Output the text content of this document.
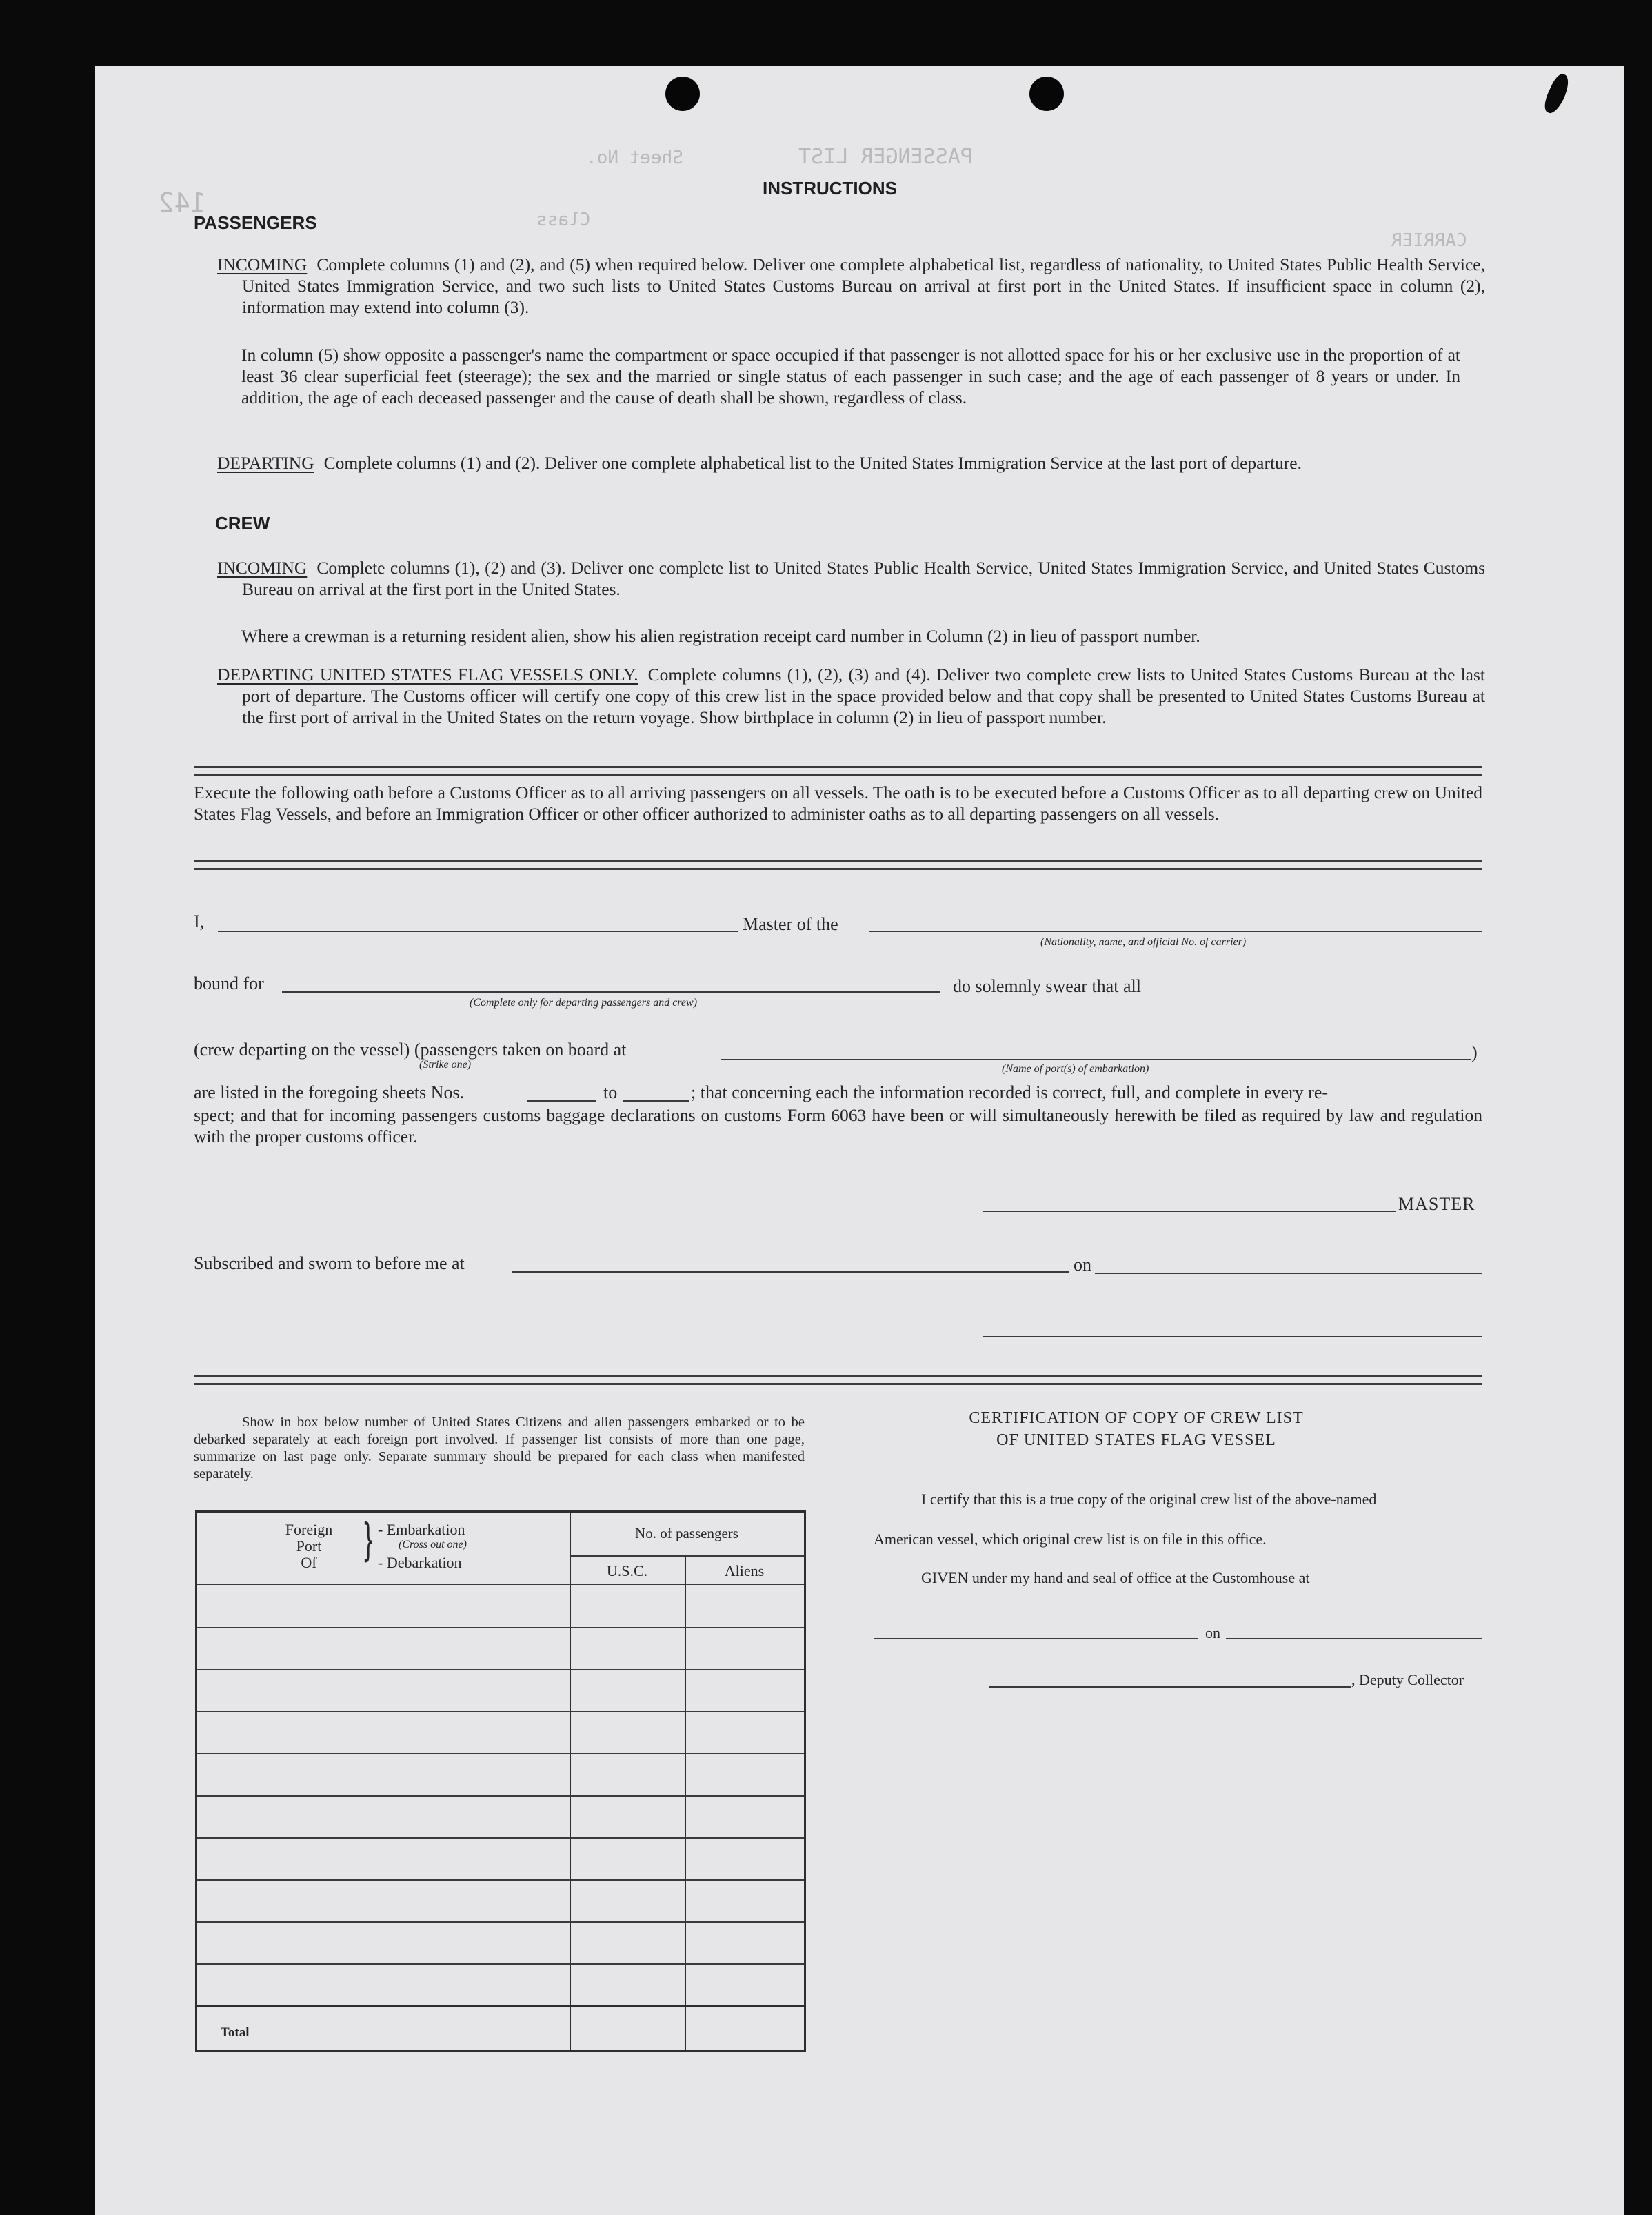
PASSENGER LIST
Sheet No.
Class
CARRIER
142	INSTRUCTIONS
PASSENGERS
INCOMING Complete columns (1) and (2), and (5) when required below. Deliver one complete alphabetical list, regardless of nationality, to United States Public Health Service, United States Immigration Service, and two such lists to United States Customs Bureau on arrival at first port in the United States. If insufficient space in column (2), information may extend into column (3).
In column (5) show opposite a passenger's name the compartment or space occupied if that passenger is not allotted space for his or her exclusive use in the proportion of at least 36 clear superficial feet (steerage); the sex and the married or single status of each passenger in such case; and the age of each passenger of 8 years or under. In addition, the age of each deceased passenger and the cause of death shall be shown, regardless of class.
DEPARTING Complete columns (1) and (2). Deliver one complete alphabetical list to the United States Immigration Service at the last port of departure.
CREW
INCOMING Complete columns (1), (2) and (3). Deliver one complete list to United States Public Health Service, United States Immigration Service, and United States Customs Bureau on arrival at the first port in the United States.
Where a crewman is a returning resident alien, show his alien registration receipt card number in Column (2) in lieu of passport number.
DEPARTING UNITED STATES FLAG VESSELS ONLY. Complete columns (1), (2), (3) and (4). Deliver two complete crew lists to United States Customs Bureau at the last port of departure. The Customs officer will certify one copy of this crew list in the space provided below and that copy shall be presented to United States Customs Bureau at the first port of arrival in the United States on the return voyage. Show birthplace in column (2) in lieu of passport number.
Execute the following oath before a Customs Officer as to all arriving passengers on all vessels. The oath is to be executed before a Customs Officer as to all departing crew on United States Flag Vessels, and before an Immigration Officer or other officer authorized to administer oaths as to all departing passengers on all vessels.
I,	Master of the
(Nationality, name, and official No. of carrier)
bound for
(Complete only for departing passengers and crew)
do solemnly swear that all
(crew departing on the vessel) (passengers taken on board at
(Strike one)	(Name of port(s) of embarkation)
)
are listed in the foregoing sheets Nos.	to	; that concerning each the information recorded is correct, full, and complete in every re-
spect; and that for incoming passengers customs baggage declarations on customs Form 6063 have been or will simultaneously herewith be filed as required by law and regulation with the proper customs officer.
MASTER
Subscribed and sworn to before me at	on
Show in box below number of United States Citizens and alien passengers embarked or to be debarked separately at each foreign port involved. If passenger list consists of more than one page, summarize on last page only. Separate summary should be prepared for each class when manifested separately.
Foreign
Port
Of	} - Embarkation
(Cross out one)
- Debarkation
No. of passengers
U.S.C.	Aliens
Total
CERTIFICATION OF COPY OF CREW LIST
OF UNITED STATES FLAG VESSEL
I certify that this is a true copy of the original crew list of the above-named
American vessel, which original crew list is on file in this office.
GIVEN under my hand and seal of office at the Customhouse at
on
, Deputy Collector
